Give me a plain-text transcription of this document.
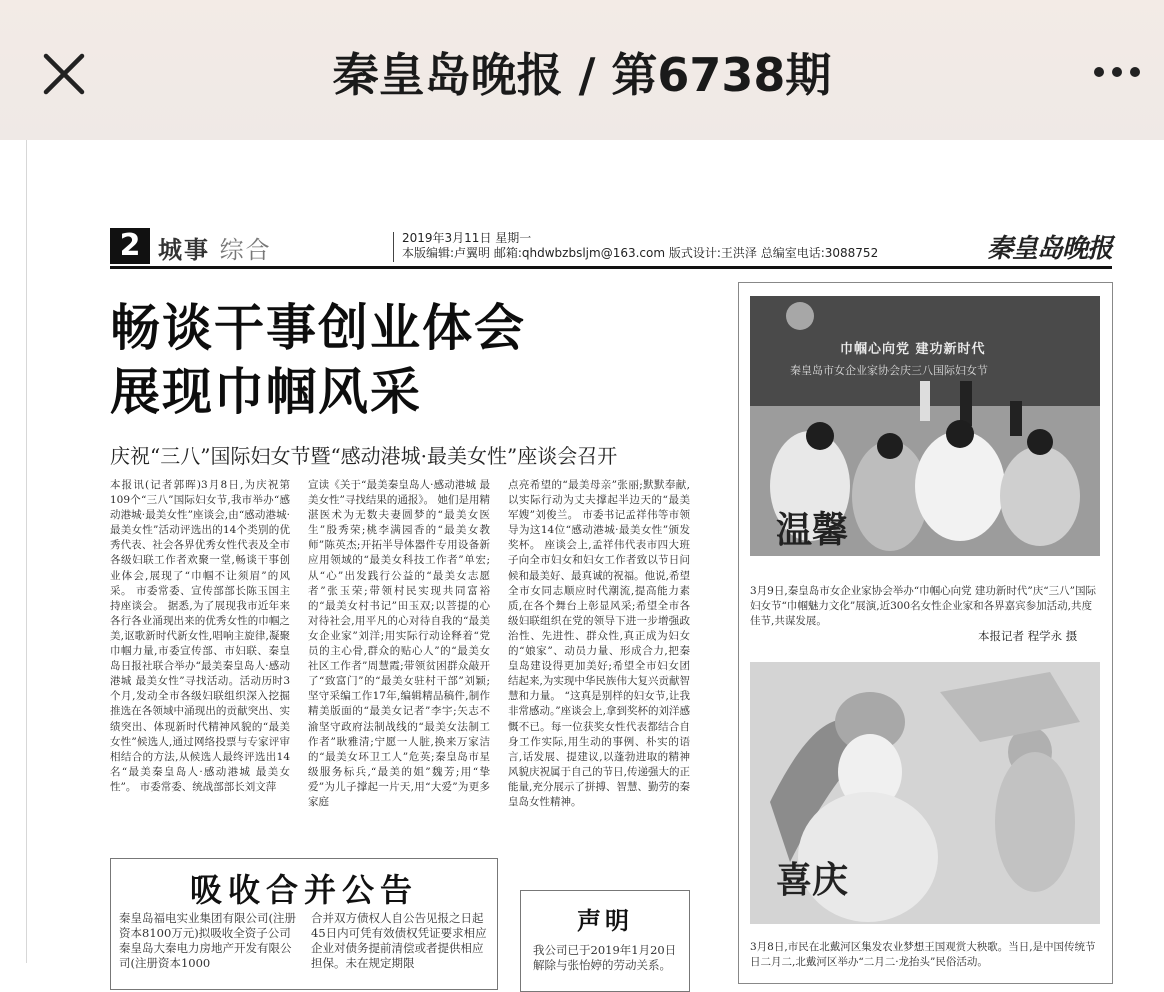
秦皇岛晚报 / 第6738期
2 城事 综合	2019年3月11日 星期一
本版编辑:卢翼明 邮箱:qhdwbzbsljm@163.com 版式设计:王洪泽 总编室电话:3088752	秦皇岛晚报
畅谈干事创业体会
展现巾帼风采
庆祝“三八”国际妇女节暨“感动港城·最美女性”座谈会召开
本报讯(记者郭晖)3月8日,为庆祝第109个“三八”国际妇女节,我市举办“感动港城·最美女性”座谈会,由“感动港城·最美女性”活动评选出的14个类别的优秀代表、社会各界优秀女性代表及全市各级妇联工作者欢聚一堂,畅谈干事创业体会,展现了“巾帼不让须眉”的风采。 市委常委、宣传部部长陈玉国主持座谈会。 据悉,为了展现我市近年来各行各业涌现出来的优秀女性的巾帼之美,讴歌新时代新女性,唱响主旋律,凝聚巾帼力量,市委宣传部、市妇联、秦皇岛日报社联合举办“最美秦皇岛人·感动港城 最美女性”寻找活动。活动历时3个月,发动全市各级妇联组织深入挖掘推选在各领域中涌现出的贡献突出、实绩突出、体现新时代精神风貌的“最美女性”候选人,通过网络投票与专家评审相结合的方法,从候选人最终评选出14名“最美秦皇岛人·感动港城 最美女性”。 市委常委、统战部部长刘文萍
宣读《关于“最美秦皇岛人·感动港城 最美女性”寻找结果的通报》。 她们是用精湛医术为无数夫妻圆梦的“最美女医生”殷秀荣;桃李满园香的“最美女教师”陈英杰;开拓半导体器件专用设备新应用领域的“最美女科技工作者”单宏;从“心”出发践行公益的“最美女志愿者”张玉荣;带领村民实现共同富裕的“最美女村书记”田玉双;以菩提的心对待社会,用平凡的心对待自我的“最美女企业家”刘洋;用实际行动诠释着“党员的主心骨,群众的贴心人”的“最美女社区工作者”周慧霞;带领贫困群众敲开了“致富门”的“最美女驻村干部”刘颖;坚守采编工作17年,编辑精品稿件,制作精美版面的“最美女记者”李宇;矢志不渝坚守政府法制战线的“最美女法制工作者”耿雅清;宁愿一人脏,换来万家洁的“最美女环卫工人”危英;秦皇岛市星级服务标兵,“最美的姐”魏芳;用“挚爱”为儿子撑起一片天,用“大爱”为更多家庭
点亮希望的“最美母亲”张丽;默默奉献,以实际行动为丈夫撑起半边天的“最美军嫂”刘俊兰。 市委书记孟祥伟等市领导为这14位“感动港城·最美女性”颁发奖杯。 座谈会上,孟祥伟代表市四大班子向全市妇女和妇女工作者致以节日问候和最美好、最真诚的祝福。他说,希望全市女同志顺应时代潮流,提高能力素质,在各个舞台上彰显风采;希望全市各级妇联组织在党的领导下进一步增强政治性、先进性、群众性,真正成为妇女的“娘家”、动员力量、形成合力,把秦皇岛建设得更加美好;希望全市妇女团结起来,为实现中华民族伟大复兴贡献智慧和力量。 “这真是别样的妇女节,让我非常感动。”座谈会上,拿到奖杯的刘洋感慨不已。每一位获奖女性代表都结合自身工作实际,用生动的事例、朴实的语言,话发展、提建议,以蓬勃进取的精神风貌庆祝属于自己的节日,传递强大的正能量,充分展示了拼搏、智慧、勤劳的秦皇岛女性精神。
巾帼心向党 建功新时代
秦皇岛市女企业家协会庆三八国际妇女节
温馨
3月9日,秦皇岛市女企业家协会举办“巾帼心向党 建功新时代”庆“三八”国际妇女节“巾帼魅力文化”展演,近300名女性企业家和各界嘉宾参加活动,共度佳节,共谋发展。
本报记者 程学永 摄
喜庆
3月8日,市民在北戴河区集发农业梦想王国观赏大秧歌。当日,是中国传统节日二月二,北戴河区举办“二月二·龙抬头”民俗活动。
吸收合并公告
秦皇岛福电实业集团有限公司(注册资本8100万元)拟吸收全资子公司秦皇岛大秦电力房地产开发有限公司(注册资本1000
合并双方债权人自公告见报之日起45日内可凭有效债权凭证要求相应企业对债务提前清偿或者提供相应担保。未在规定期限
声明
我公司已于2019年1月20日解除与张怡婷的劳动关系。
